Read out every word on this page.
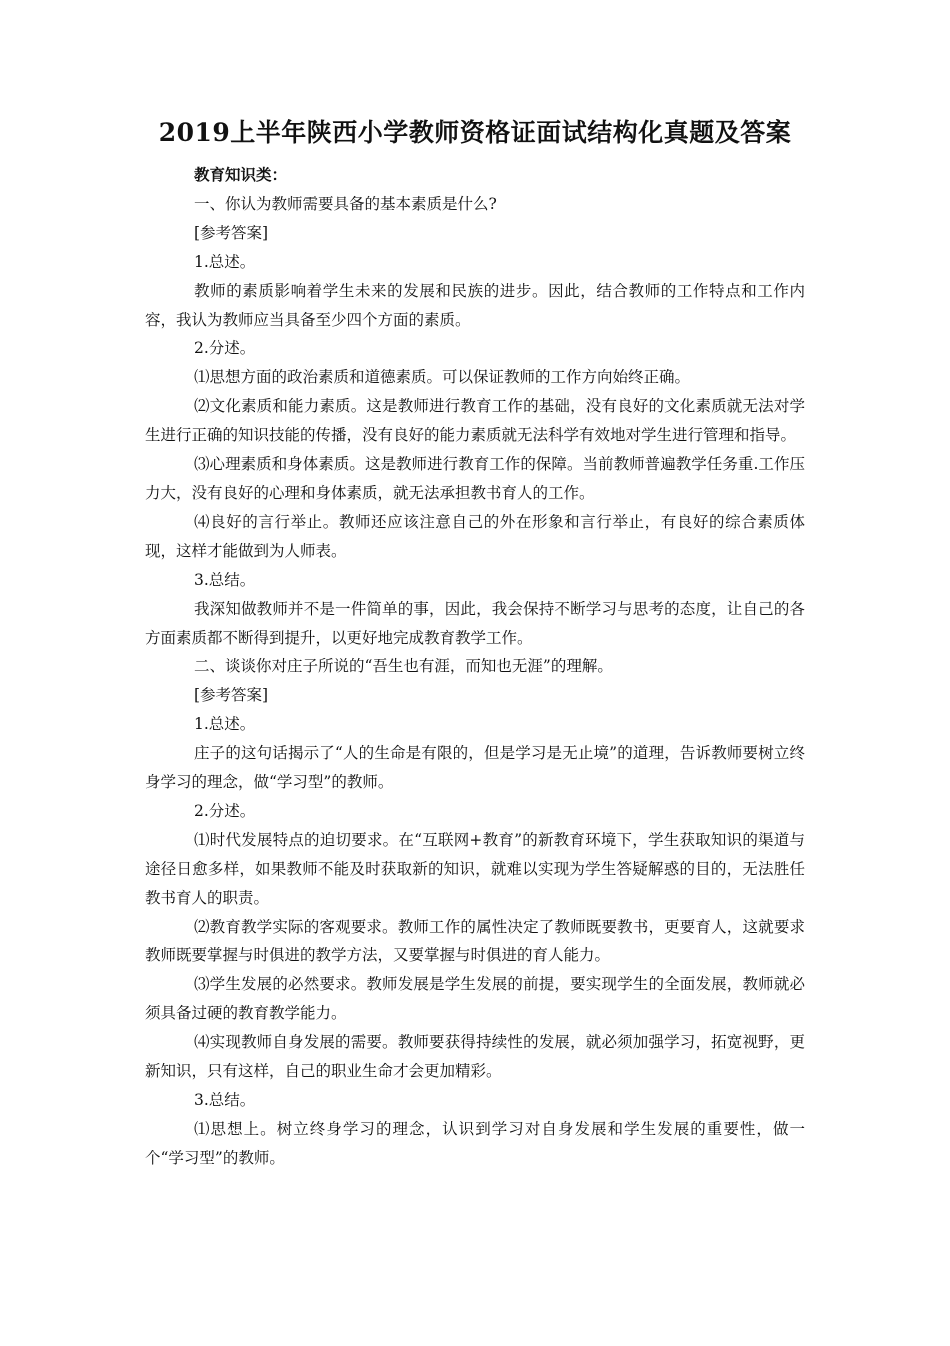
2019上半年陕西小学教师资格证面试结构化真题及答案

教育知识类：

一、你认为教师需要具备的基本素质是什么?

[参考答案]

1.总述。

教师的素质影响着学生未来的发展和民族的进步。因此，结合教师的工作特点和工作内容，我认为教师应当具备至少四个方面的素质。

2.分述。

⑴思想方面的政治素质和道德素质。可以保证教师的工作方向始终正确。

⑵文化素质和能力素质。这是教师进行教育工作的基础，没有良好的文化素质就无法对学生进行正确的知识技能的传播，没有良好的能力素质就无法科学有效地对学生进行管理和指导。

⑶心理素质和身体素质。这是教师进行教育工作的保障。当前教师普遍教学任务重.工作压力大，没有良好的心理和身体素质，就无法承担教书育人的工作。

⑷良好的言行举止。教师还应该注意自己的外在形象和言行举止，有良好的综合素质体现，这样才能做到为人师表。

3.总结。

我深知做教师并不是一件简单的事，因此，我会保持不断学习与思考的态度，让自己的各方面素质都不断得到提升，以更好地完成教育教学工作。

二、谈谈你对庄子所说的“吾生也有涯，而知也无涯”的理解。

[参考答案]

1.总述。

庄子的这句话揭示了“人的生命是有限的，但是学习是无止境”的道理，告诉教师要树立终身学习的理念，做“学习型”的教师。

2.分述。

⑴时代发展特点的迫切要求。在“互联网+教育”的新教育环境下，学生获取知识的渠道与途径日愈多样，如果教师不能及时获取新的知识，就难以实现为学生答疑解惑的目的，无法胜任教书育人的职责。

⑵教育教学实际的客观要求。教师工作的属性决定了教师既要教书，更要育人，这就要求教师既要掌握与时俱进的教学方法，又要掌握与时俱进的育人能力。

⑶学生发展的必然要求。教师发展是学生发展的前提，要实现学生的全面发展，教师就必须具备过硬的教育教学能力。

⑷实现教师自身发展的需要。教师要获得持续性的发展，就必须加强学习，拓宽视野，更新知识，只有这样，自己的职业生命才会更加精彩。

3.总结。

⑴思想上。树立终身学习的理念，认识到学习对自身发展和学生发展的重要性，做一个“学习型”的教师。
